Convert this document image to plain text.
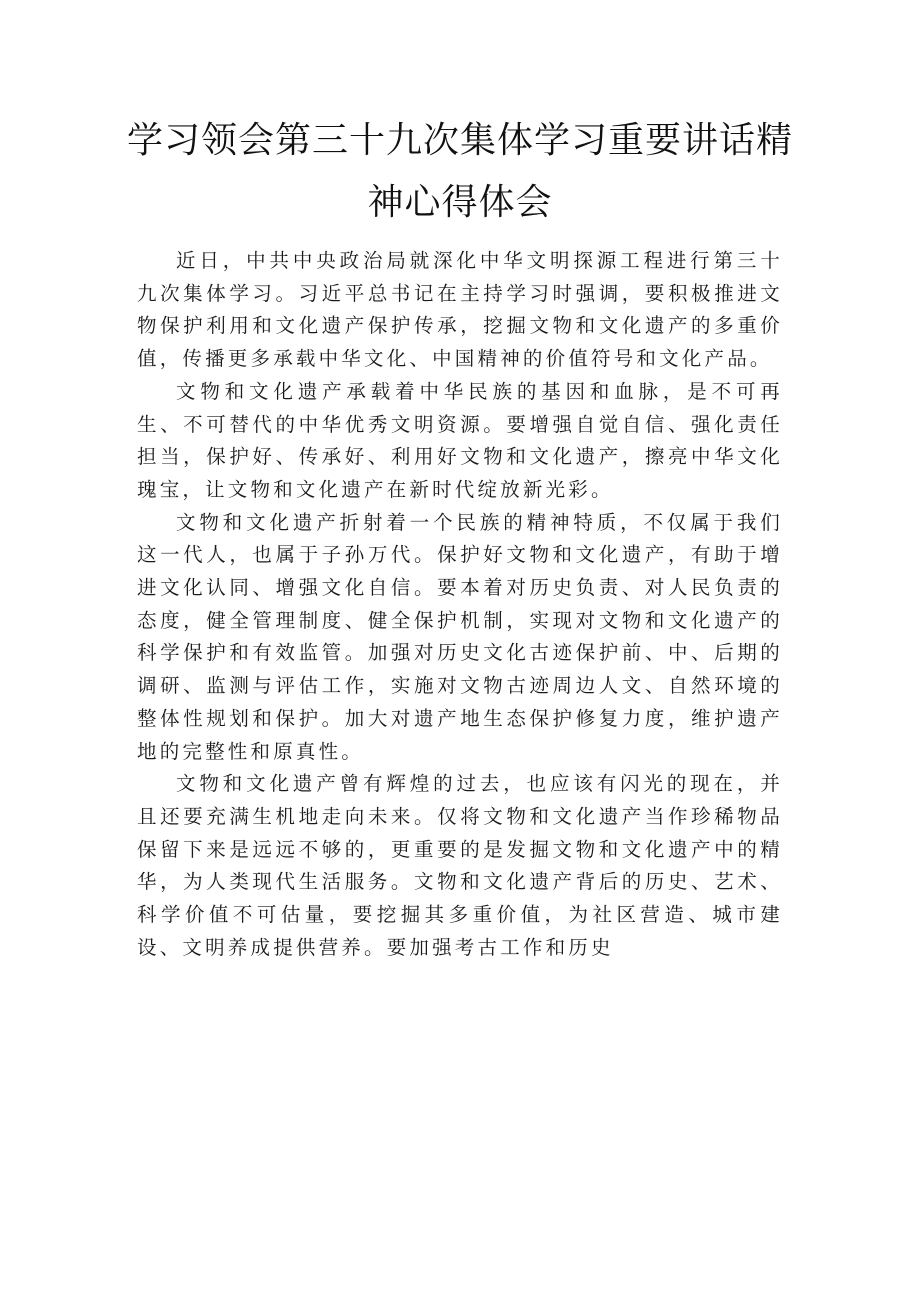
学习领会第三十九次集体学习重要讲话精
神心得体会

近日，中共中央政治局就深化中华文明探源工程进行第三十九次集体学习。习近平总书记在主持学习时强调，要积极推进文物保护利用和文化遗产保护传承，挖掘文物和文化遗产的多重价值，传播更多承载中华文化、中国精神的价值符号和文化产品。

文物和文化遗产承载着中华民族的基因和血脉，是不可再生、不可替代的中华优秀文明资源。要增强自觉自信、强化责任担当，保护好、传承好、利用好文物和文化遗产，擦亮中华文化瑰宝，让文物和文化遗产在新时代绽放新光彩。

文物和文化遗产折射着一个民族的精神特质，不仅属于我们这一代人，也属于子孙万代。保护好文物和文化遗产，有助于增进文化认同、增强文化自信。要本着对历史负责、对人民负责的态度，健全管理制度、健全保护机制，实现对文物和文化遗产的科学保护和有效监管。加强对历史文化古迹保护前、中、后期的调研、监测与评估工作，实施对文物古迹周边人文、自然环境的整体性规划和保护。加大对遗产地生态保护修复力度，维护遗产地的完整性和原真性。

文物和文化遗产曾有辉煌的过去，也应该有闪光的现在，并且还要充满生机地走向未来。仅将文物和文化遗产当作珍稀物品保留下来是远远不够的，更重要的是发掘文物和文化遗产中的精华，为人类现代生活服务。文物和文化遗产背后的历史、艺术、科学价值不可估量，要挖掘其多重价值，为社区营造、城市建设、文明养成提供营养。要加强考古工作和历史
